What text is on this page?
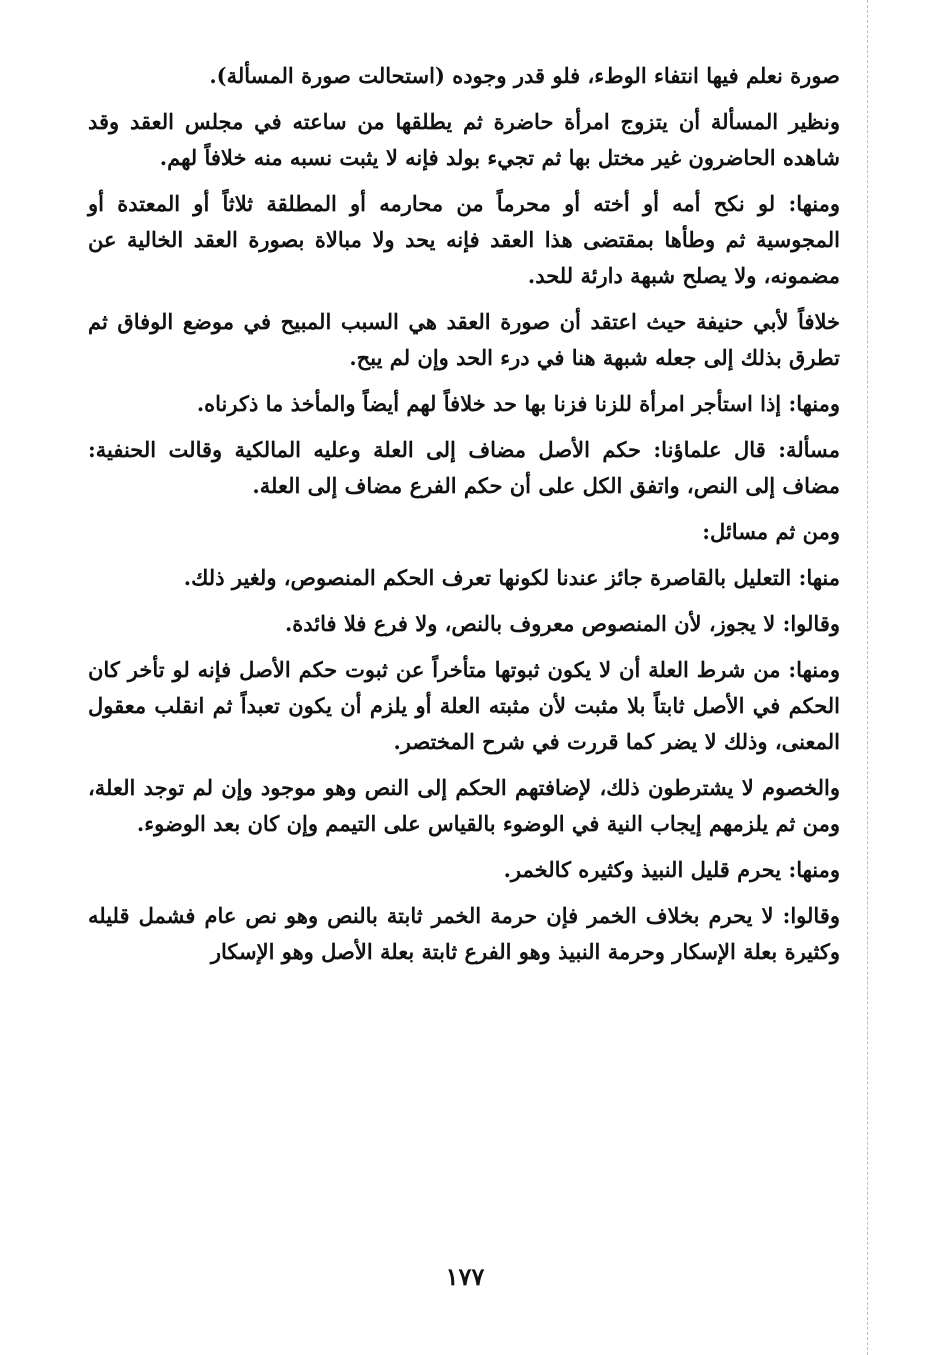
صورة نعلم فيها انتفاء الوطء، فلو قدر وجوده (استحالت صورة المسألة).

ونظير المسألة أن يتزوج امرأة حاضرة ثم يطلقها من ساعته في مجلس العقد وقد شاهده الحاضرون غير مختل بها ثم تجيء بولد فإنه لا يثبت نسبه منه خلافاً لهم.

ومنها: لو نكح أمه أو أخته أو محرماً من محارمه أو المطلقة ثلاثاً أو المعتدة أو المجوسية ثم وطأها بمقتضى هذا العقد فإنه يحد ولا مبالاة بصورة العقد الخالية عن مضمونه، ولا يصلح شبهة دارئة للحد.

خلافاً لأبي حنيفة حيث اعتقد أن صورة العقد هي السبب المبيح في موضع الوفاق ثم تطرق بذلك إلى جعله شبهة هنا في درء الحد وإن لم يبح.

ومنها: إذا استأجر امرأة للزنا فزنا بها حد خلافاً لهم أيضاً والمأخذ ما ذكرناه.

مسألة: قال علماؤنا: حكم الأصل مضاف إلى العلة وعليه المالكية وقالت الحنفية: مضاف إلى النص، واتفق الكل على أن حكم الفرع مضاف إلى العلة.

ومن ثم مسائل:

منها: التعليل بالقاصرة جائز عندنا لكونها تعرف الحكم المنصوص، ولغير ذلك.

وقالوا: لا يجوز، لأن المنصوص معروف بالنص، ولا فرع فلا فائدة.

ومنها: من شرط العلة أن لا يكون ثبوتها متأخراً عن ثبوت حكم الأصل فإنه لو تأخر كان الحكم في الأصل ثابتاً بلا مثبت لأن مثبته العلة أو يلزم أن يكون تعبداً ثم انقلب معقول المعنى، وذلك لا يضر كما قررت في شرح المختصر.

والخصوم لا يشترطون ذلك، لإضافتهم الحكم إلى النص وهو موجود وإن لم توجد العلة، ومن ثم يلزمهم إيجاب النية في الوضوء بالقياس على التيمم وإن كان بعد الوضوء.

ومنها: يحرم قليل النبيذ وكثيره كالخمر.

وقالوا: لا يحرم بخلاف الخمر فإن حرمة الخمر ثابتة بالنص وهو نص عام فشمل قليله وكثيرة بعلة الإسكار وحرمة النبيذ وهو الفرع ثابتة بعلة الأصل وهو الإسكار

١٧٧
